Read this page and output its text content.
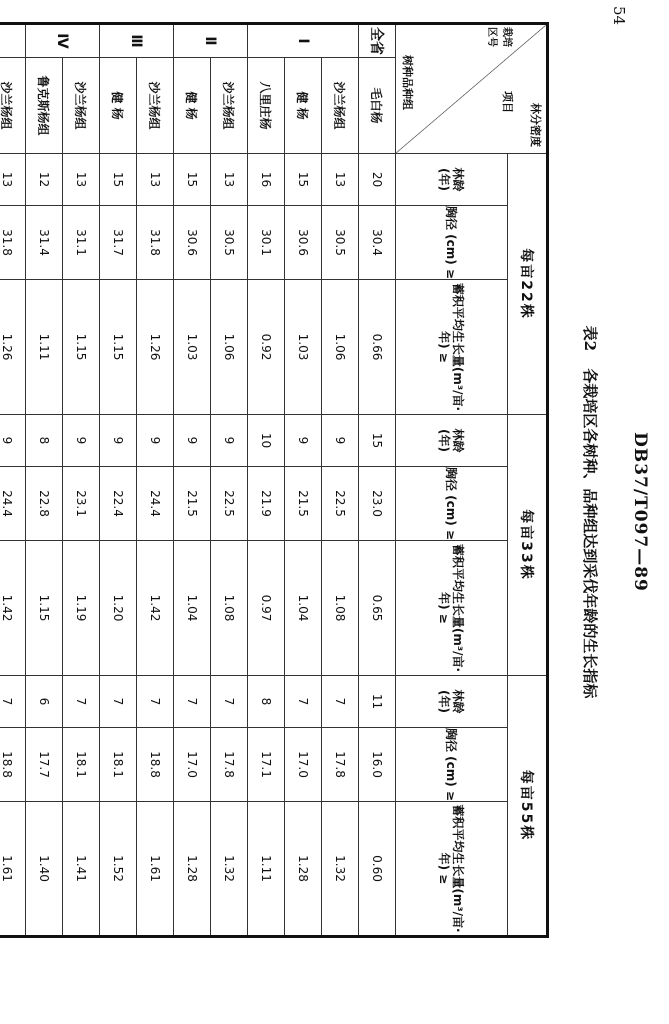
54
DB37/T097—89
表2 各栽培区各树种、品种组达到采伐年龄的生长指标
林分密度
项目
栽培区号
树种品种组		每亩22株			每亩33株			每亩55株		
		林龄 (年)	胸径 (cm) ≥	蓄积平均生长量(m³/亩·年) ≥	林龄 (年)	胸径 (cm) ≥	蓄积平均生长量(m³/亩·年) ≥	林龄 (年)	胸径 (cm) ≥	蓄积平均生长量(m³/亩·年) ≥
全省	毛白杨	20	30.4	0.66	15	23.0	0.65	11	16.0	0.60
Ⅰ	沙兰杨组	13	30.5	1.06	9	22.5	1.08	7	17.8	1.32
	健 杨	15	30.6	1.03	9	21.5	1.04	7	17.0	1.28
	八里庄杨	16	30.1	0.92	10	21.9	0.97	8	17.1	1.11
Ⅱ	沙兰杨组	13	30.5	1.06	9	22.5	1.08	7	17.8	1.32
	健 杨	15	30.6	1.03	9	21.5	1.04	7	17.0	1.28
Ⅲ	沙兰杨组	13	31.8	1.26	9	24.4	1.42	7	18.8	1.61
	健 杨	15	31.7	1.15	9	22.4	1.20	7	18.1	1.52
Ⅳ	沙兰杨组	13	31.1	1.15	9	23.1	1.19	7	18.1	1.41
	鲁克斯杨组	12	31.4	1.11	8	22.8	1.15	6	17.7	1.40
	沙兰杨组	13	31.8	1.26	9	24.4	1.42	7	18.8	1.61
